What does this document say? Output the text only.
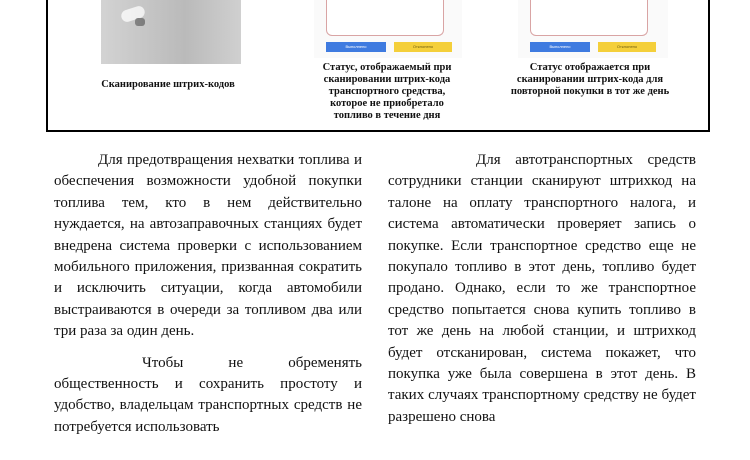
Выполнено	Отклонено	Выполнено	Отклонено
Сканирование штрих-кодов
Статус, отображаемый при сканировании штрих-кода транспортного средства, которое не приобретало топливо в течение дня
Статус отображается при сканировании штрих-кода для повторной покупки в тот же день

Для предотвращения нехватки топлива и обеспечения возможности удобной покупки топлива тем, кто в нем действительно нуждается, на автозаправочных станциях будет внедрена система проверки с использованием мобильного приложения, призванная сократить и исключить ситуации, когда автомобили выстраиваются в очереди за топливом два или три раза за один день.

Чтобы не обременять общественность и сохранить простоту и удобство, владельцам транспортных средств не потребуется использовать

Для автотранспортных средств сотрудники станции сканируют штрихкод на талоне на оплату транспортного налога, и система автоматически проверяет запись о покупке. Если транспортное средство еще не покупало топливо в этот день, топливо будет продано. Однако, если то же транспортное средство попытается снова купить топливо в тот же день на любой станции, и штрихкод будет отсканирован, система покажет, что покупка уже была совершена в этот день. В таких случаях транспортному средству не будет разрешено снова
